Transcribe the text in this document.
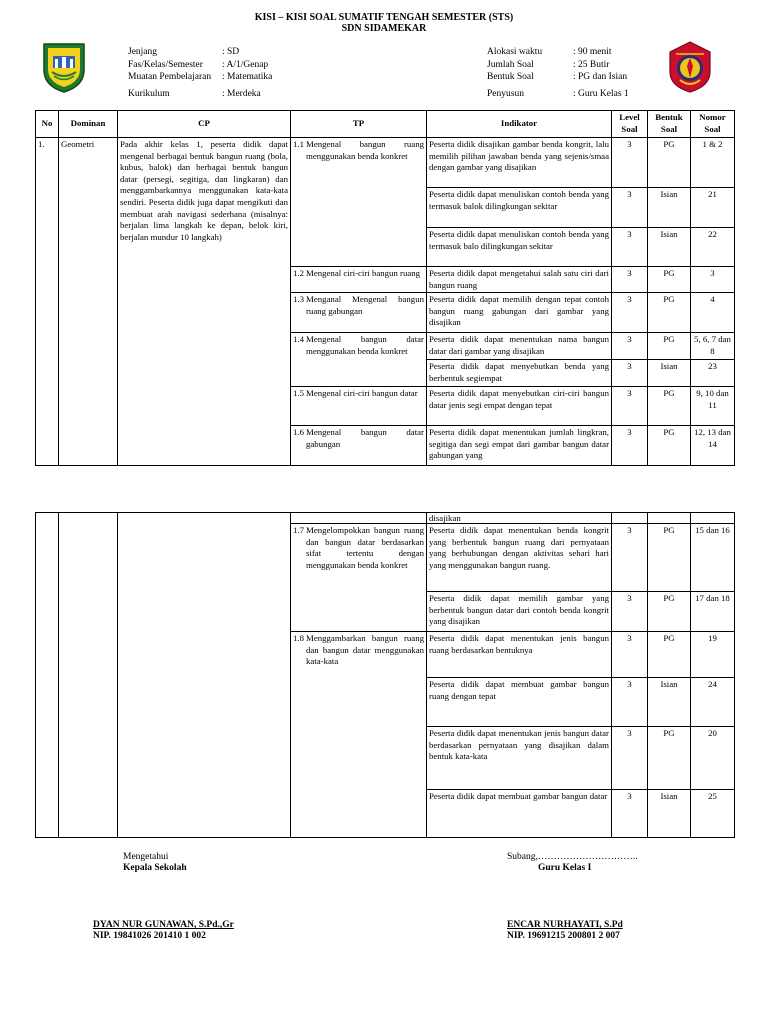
KISI – KISI SOAL SUMATIF TENGAH SEMESTER (STS)
SDN SIDAMEKAR
Jenjang	: SD
Fas/Kelas/Semester	: A/1/Genap
Muatan Pembelajaran	: Matematika
Kurikulum	: Merdeka
Alokasi waktu	: 90 menit
Jumlah Soal	: 25 Butir
Bentuk Soal	: PG dan Isian
Penyusun	: Guru Kelas 1
No	Dominan	CP	TP	Indikator	Level Soal	Bentuk Soal	Nomor Soal
1.	Geometri	Pada akhir kelas 1, peserta didik dapat mengenal berbagai bentuk bangun ruang (bola, kubus, balok) dan berbagai bentuk bangun datar (persegi, segitiga, dan lingkaran) dan menggambarkannya menggunakan kata-kata sendiri. Peserta didik juga dapat mengikuti dan membuat arah navigasi sederhana (misalnya: berjalan lima langkah ke depan, belok kiri, berjalan mundur 10 langkah)	1.1 Mengenal bangun ruang menggunakan benda konkret	Peserta didik disajikan gambar benda kongrit, lalu memilih pilihan jawaban benda yang sejenis/smaa dengan gambar yang disajikan	3	PG	1 & 2
				Peserta didik dapat menuliskan contoh benda yang termasuk balok dilingkungan sekitar	3	Isian	21
				Peserta didik dapat menuliskan contoh benda yang termasuk balo dilingkungan sekitar	3	Isian	22

			1.2 Mengenal ciri-ciri bangun ruang	Peserta didik dapat mengetahui salah satu ciri dari bangun ruang	3	PG	3

			1.3 Menganal Mengenal bangun ruang gabungan	Peserta didik dapat memilih dengan tepat contoh bangun ruang gabungan dari gambar yang disajikan	3	PG	4

			1.4 Mengenal bangun datar menggunakan benda konkret	Peserta didik dapat menentukan nama bangun datar dari gambar yang disajikan	3	PG	5, 6, 7 dan 8
				Peserta didik dapat menyebutkan benda yang berbentuk segiempat	3	Isian	23

			1.5 Mengenal ciri-ciri bangun datar	Peserta didik dapat menyebutkan ciri-ciri bangun datar jenis segi empat dengan tepat	3	PG	9, 10 dan 11

			1.6 Mengenal bangun datar gabungan	Peserta didik dapat menentukan jumlah lingkran, segitiga dan segi empat dari gambar bangun datar gabungan yang	3	PG	12, 13 dan 14
				disajikan			

			1.7 Mengelompokkan bangun ruang dan bangun datar berdasarkan sifat tertentu dengan menggunakan benda konkret	Peserta didik dapat menentukan benda kongrit yang berbentuk bangun ruang dari pernyataan yang berhubungan dengan aktivitas sehari hari yang menggunakan bangun ruang.	3	PG	15 dan 16
				Peserta didik dapat memilih gambar yang berbentuk bangun datar dari contoh benda kongrit yang disajikan	3	PG	17 dan 18

			1.8 Menggambarkan bangun ruang dan bangun datar menggunakan kata-kata	Peserta didik dapat menentukan jenis bangun ruang berdasarkan bentuknya	3	PG	19
				Peserta didik dapat membuat gambar bangun ruang dengan tepat	3	Isian	24
				Peserta didik dapat menentukan jenis bangun datar berdasarkan pernyataan yang disajikan dalam bentuk kata-kata	3	PG	20
				Peserta didik dapat membuat gambar bangun datar	3	Isian	25
Mengetahui
Kepala Sekolah
DYAN NUR GUNAWAN, S.Pd.,Gr
NIP. 19841026 201410 1 002
Subang,…………………………..
Guru Kelas I
ENCAR NURHAYATI, S.Pd
NIP. 19691215 200801 2 007
